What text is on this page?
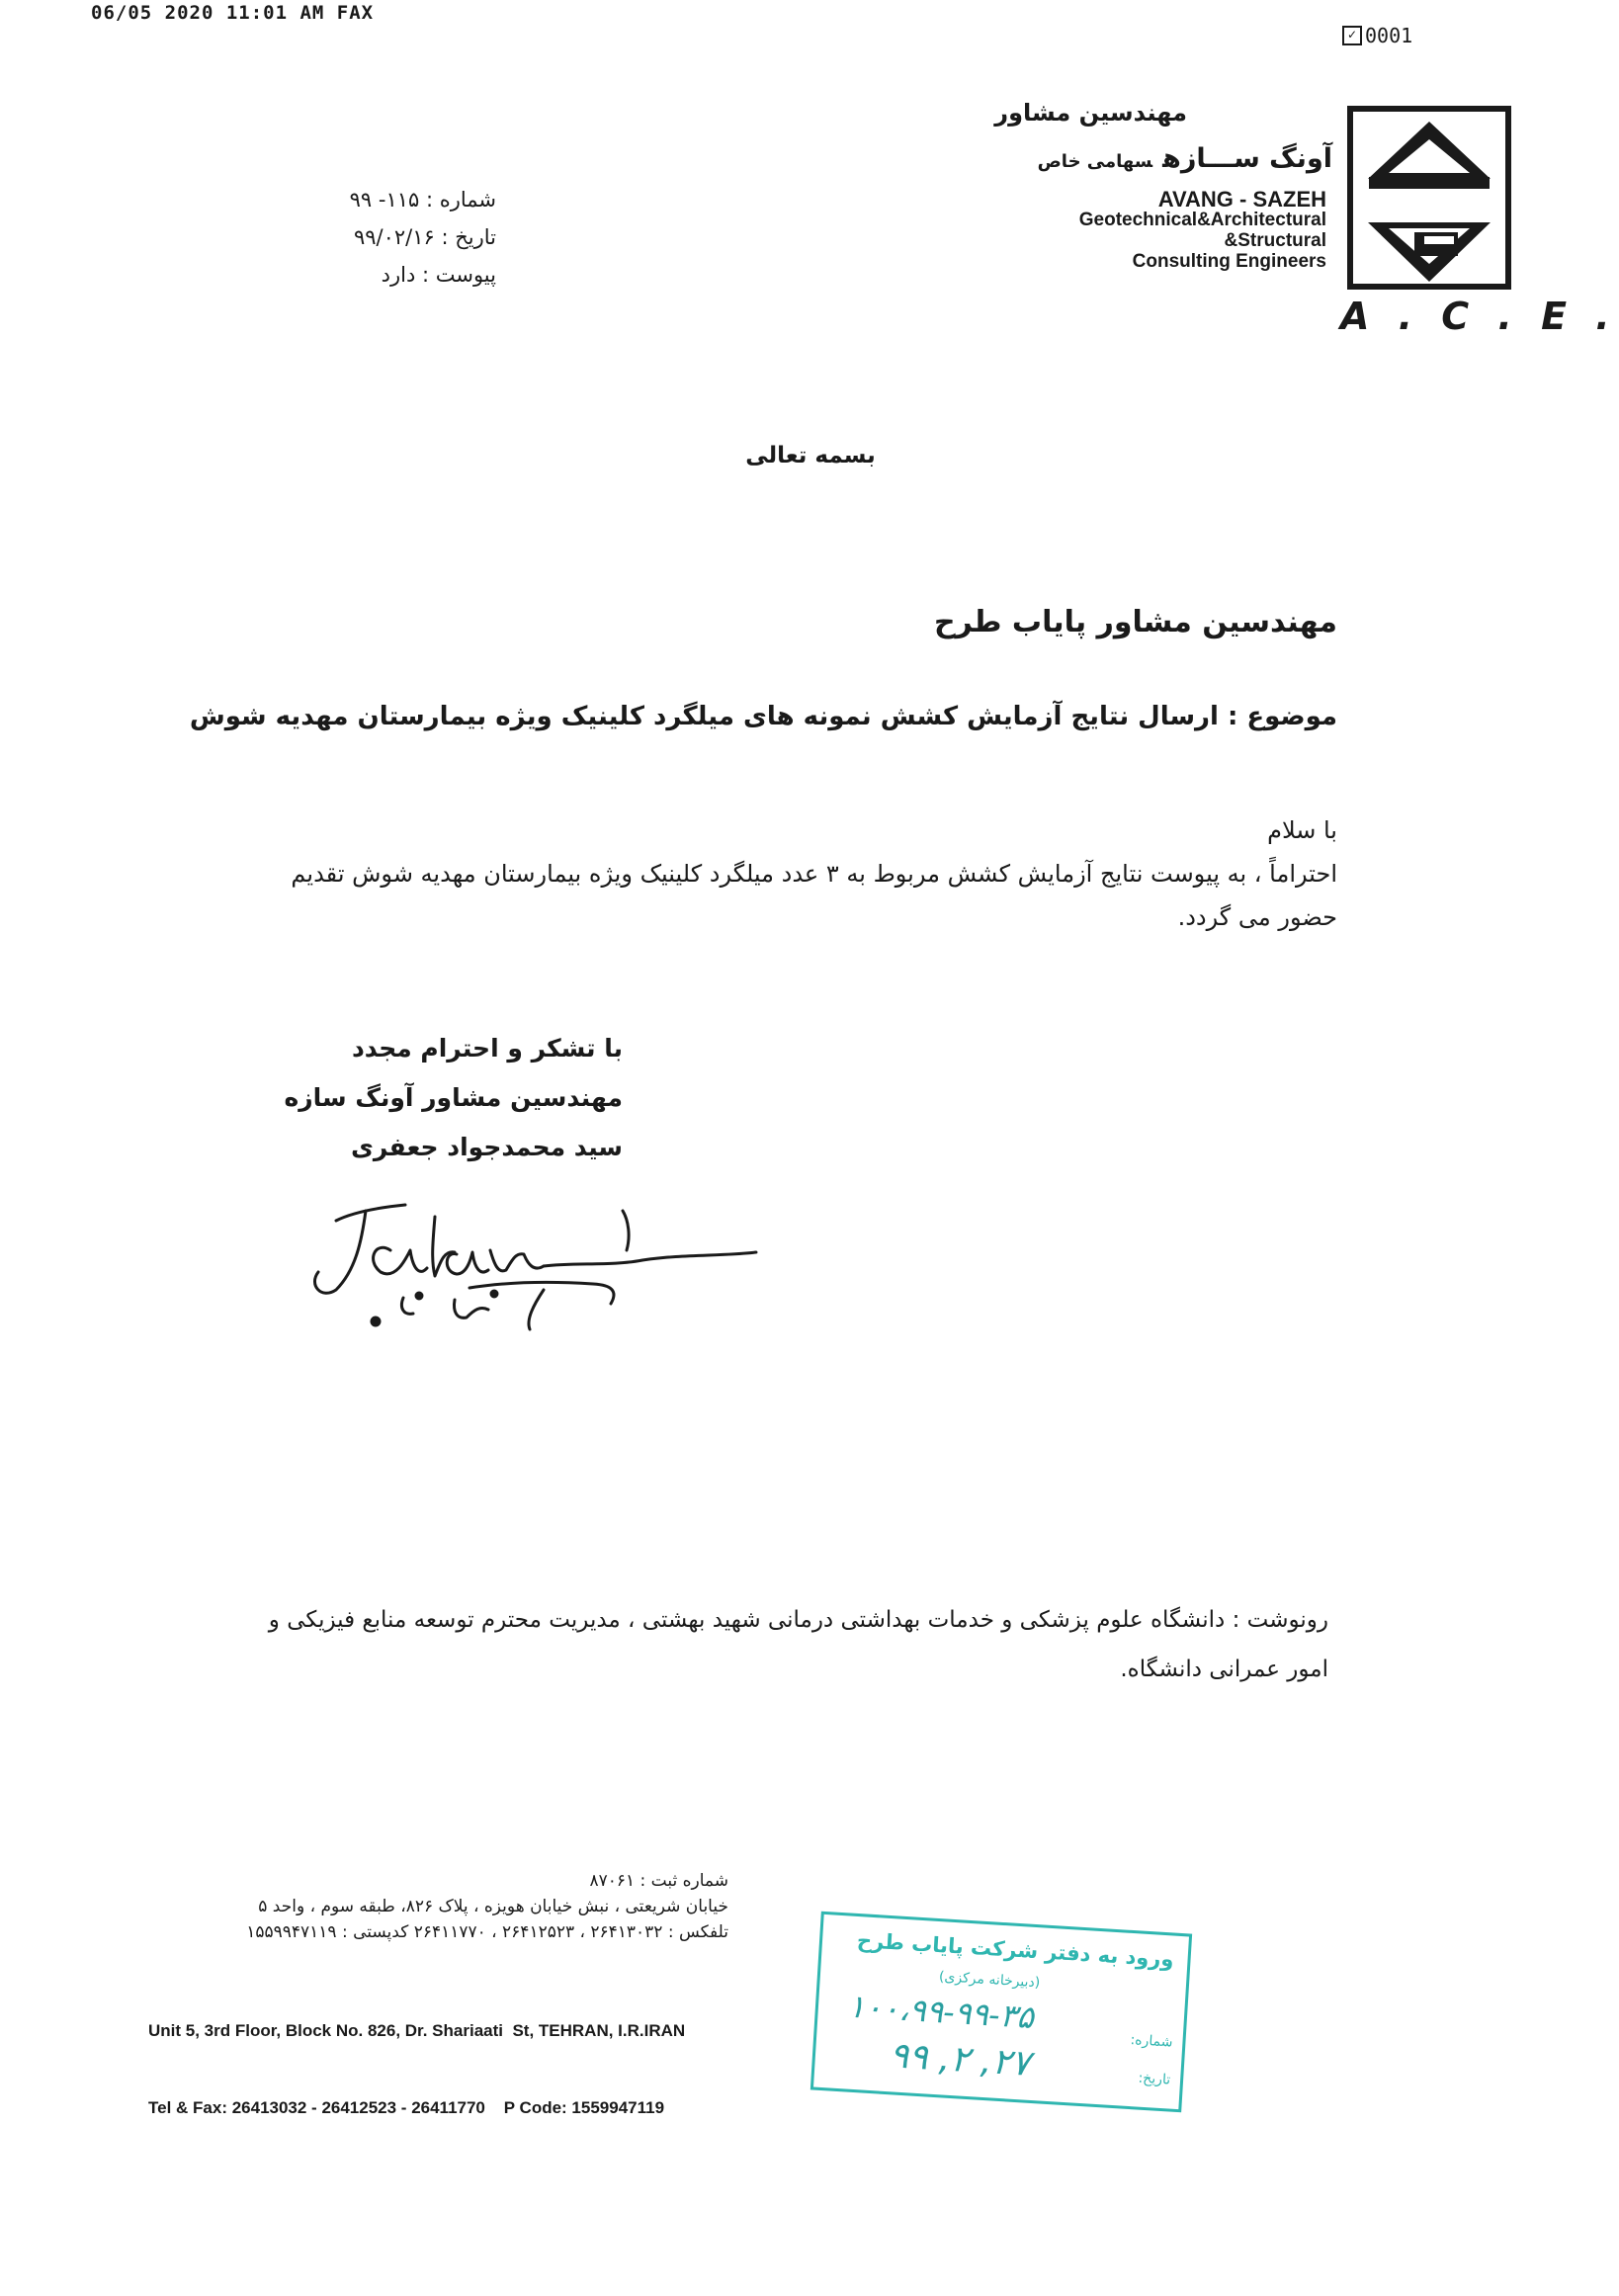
06/05 2020 11:01 AM FAX
✓ 0001
A . C . E .
مهندسین مشاور
آونگ ســـازهسهامی خاص
AVANG - SAZEH
Geotechnical&Architectural
&Structural
Consulting Engineers
شماره : ۱۱۵- ۹۹
تاریخ : ۹۹/۰۲/۱۶
پیوست : دارد
بسمه تعالی
مهندسین مشاور پایاب طرح
موضوع : ارسال نتایج آزمایش کشش نمونه های میلگرد کلینیک ویژه بیمارستان مهدیه شوش
با سلام
احتراماً ، به پیوست نتایج آزمایش کشش مربوط به ۳ عدد میلگرد کلینیک ویژه بیمارستان مهدیه شوش تقدیم حضور می گردد.
با تشکر و احترام مجدد
مهندسین مشاور آونگ سازه
سید محمدجواد جعفری
رونوشت : دانشگاه علوم پزشکی و خدمات بهداشتی درمانی شهید بهشتی ، مدیریت محترم توسعه منابع فیزیکی و امور عمرانی دانشگاه.
شماره ثبت : ۸۷۰۶۱
خیابان شریعتی ، نبش خیابان هویزه ، پلاک ۸۲۶، طبقه سوم ، واحد ۵
تلفکس : ۲۶۴۱۳۰۳۲ ، ۲۶۴۱۲۵۲۳ ، ۲۶۴۱۱۷۷۰ کدپستی : ۱۵۵۹۹۴۷۱۱۹

Unit 5, 3rd Floor, Block No. 826, Dr. Shariaati  St, TEHRAN, I.R.IRAN

Tel & Fax: 26413032 - 26412523 - 26411770    P Code: 1559947119

ورود به دفتر شرکت پایاب طرح
(دبیرخانه مرکزی)
۱۰۰،۹۹-۹۹-۳۵
شماره:
۹۹ ,۲ ,۲۷	تاریخ:
